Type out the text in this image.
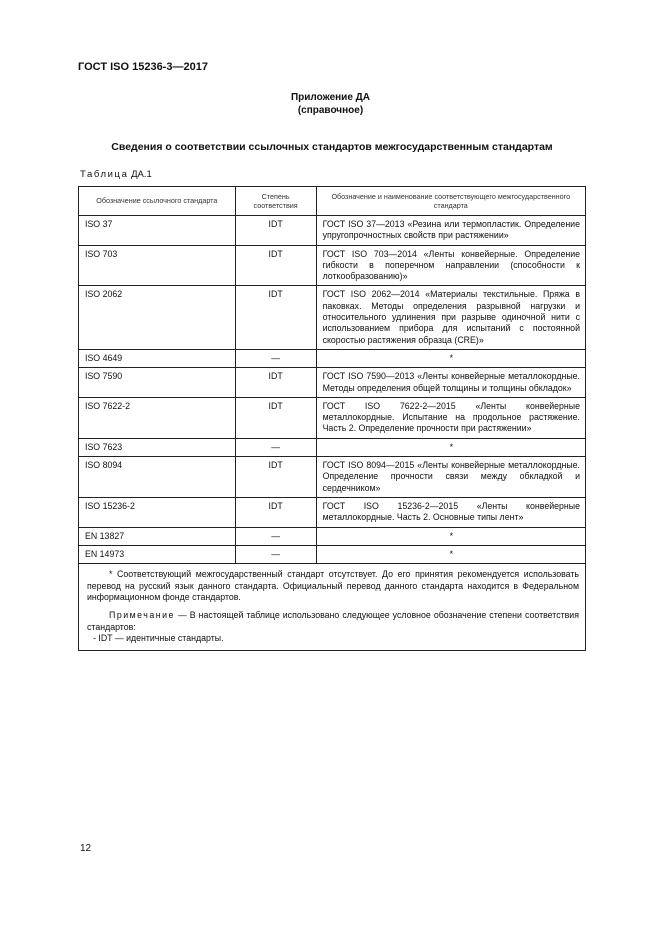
ГОСТ ISO 15236-3—2017
Приложение ДА
(справочное)
Сведения о соответствии ссылочных стандартов межгосударственным стандартам
Таблица ДА.1
Обозначение ссылочного стандарта	Степень соответствия	Обозначение и наименование соответствующего межгосударственного стандарта
ISO 37	IDT	ГОСТ ISO 37—2013 «Резина или термопластик. Определение упругопрочностных свойств при растяжении»
ISO 703	IDT	ГОСТ ISO 703—2014 «Ленты конвейерные. Определение гибкости в поперечном направлении (способности к лоткообразованию)»
ISO 2062	IDT	ГОСТ ISO 2062—2014 «Материалы текстильные. Пряжа в паковках. Методы определения разрывной нагрузки и относительного удлинения при разрыве одиночной нити с использованием прибора для испытаний с постоянной скоростью растяжения образца (CRE)»
ISO 4649	—	*
ISO 7590	IDT	ГОСТ ISO 7590—2013 «Ленты конвейерные металлокордные. Методы определения общей толщины и толщины обкладок»
ISO 7622-2	IDT	ГОСТ ISO 7622-2—2015 «Ленты конвейерные металлокордные. Испытание на продольное растяжение. Часть 2. Определение прочности при растяжении»
ISO 7623	—	*
ISO 8094	IDT	ГОСТ ISO 8094—2015 «Ленты конвейерные металлокордные. Определение прочности связи между обкладкой и сердечником»
ISO 15236-2	IDT	ГОСТ ISO 15236-2—2015 «Ленты конвейерные металлокордные. Часть 2. Основные типы лент»
EN 13827	—	*
EN 14973	—	*

* Соответствующий межгосударственный стандарт отсутствует. До его принятия рекомендуется использовать перевод на русский язык данного стандарта. Официальный перевод данного стандарта находится в Федеральном информационном фонде стандартов.

Примечание — В настоящей таблице использовано следующее условное обозначение степени соответствия стандартов:

- IDT — идентичные стандарты.		

12
